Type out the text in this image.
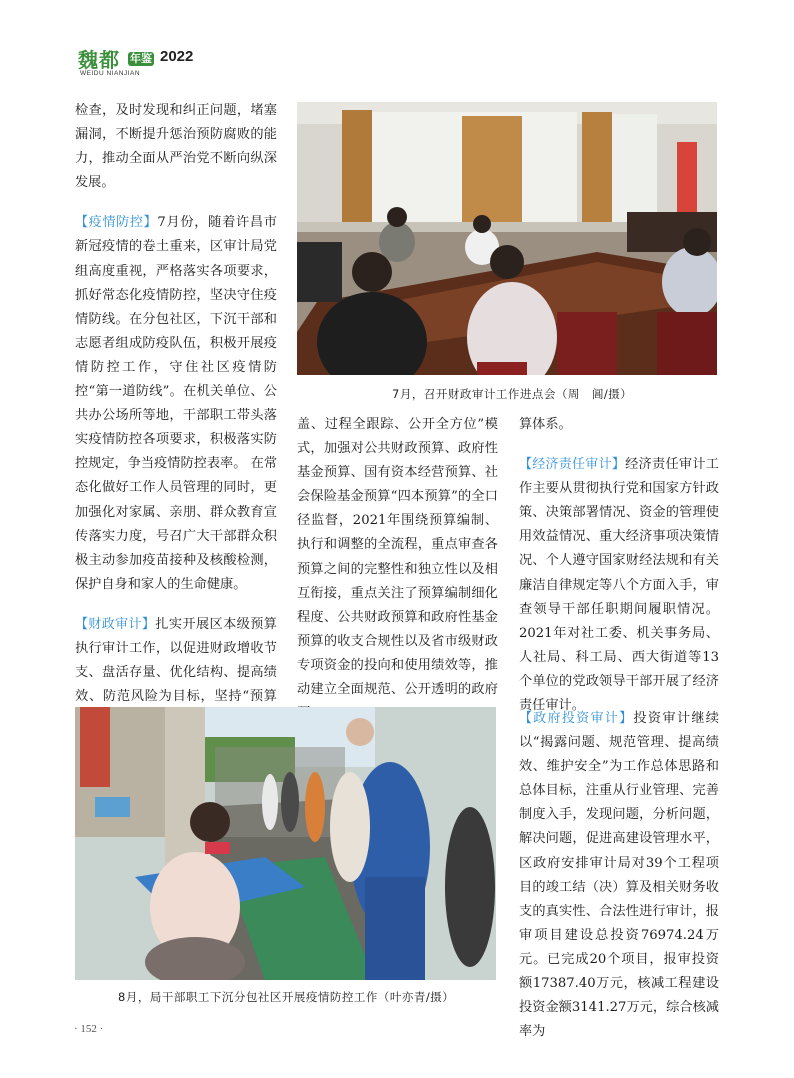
魏都 年鉴 2022
WEIDU NIANJIAN

检查，及时发现和纠正问题，堵塞漏洞，不断提升惩治预防腐败的能力，推动全面从严治党不断向纵深发展。

【疫情防控】7月份，随着许昌市新冠疫情的卷土重来，区审计局党组高度重视，严格落实各项要求，抓好常态化疫情防控，坚决守住疫情防线。在分包社区，下沉干部和志愿者组成防疫队伍，积极开展疫情防控工作，守住社区疫情防控“第一道防线”。在机关单位、公共办公场所等地，干部职工带头落实疫情防控各项要求，积极落实防控规定，争当疫情防控表率。 在常态化做好工作人员管理的同时，更加强化对家属、亲朋、群众教育宣传落实力度，号召广大干部群众积极主动参加疫苗接种及核酸检测，保护自身和家人的生命健康。

【财政审计】扎实开展区本级预算执行审计工作，以促进财政增收节支、盘活存量、优化结构、提高绩效、防范风险为目标，坚持“预算

7月，召开财政审计工作进点会（周　阊/摄）

盖、过程全跟踪、公开全方位”模式，加强对公共财政预算、政府性基金预算、国有资本经营预算、社会保险基金预算“四本预算”的全口径监督，2021年围绕预算编制、执行和调整的全流程，重点审查各预算之间的完整性和独立性以及相互衔接，重点关注了预算编制细化程度、公共财政预算和政府性基金预算的收支合规性以及省市级财政专项资金的投向和使用绩效等，推动建立全面规范、公开透明的政府

算体系。

【经济责任审计】经济责任审计工作主要从贯彻执行党和国家方针政策、决策部署情况、资金的管理使用效益情况、重大经济事项决策情况、个人遵守国家财经法规和有关廉洁自律规定等八个方面入手，审查领导干部任职期间履职情况。2021年对社工委、机关事务局、人社局、科工局、西大街道等13个单位的党政领导干部开展了经济责任审计。

【政府投资审计】投资审计继续以“揭露问题、规范管理、提高绩效、维护安全”为工作总体思路和总体目标，注重从行业管理、完善制度入手，发现问题，分析问题，解决问题，促进高建设管理水平，区政府安排审计局对39个工程项目的竣工结（决）算及相关财务收支的真实性、合法性进行审计，报审项目建设总投资76974.24万元。已完成20个项目，报审投资额17387.40万元，核减工程建设投资金额3141.27万元，综合核减率为

8月，局干部职工下沉分包社区开展疫情防控工作（叶亦青/摄）
· 152 ·
